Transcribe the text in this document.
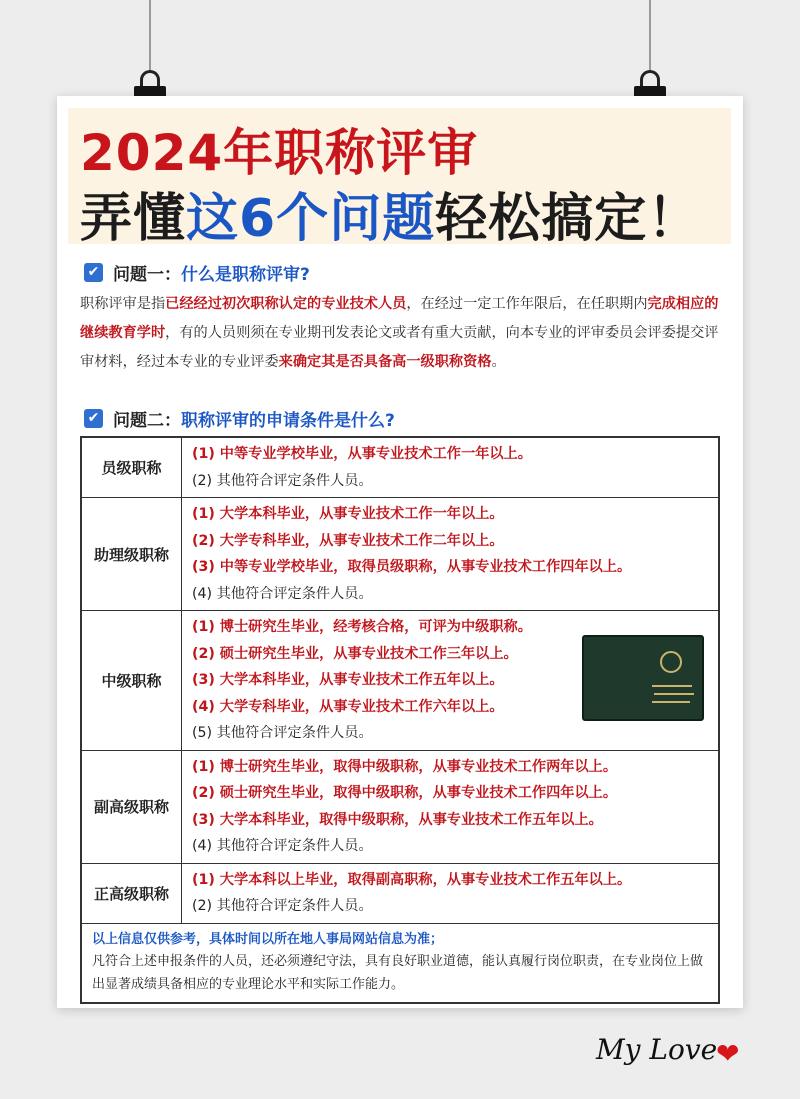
2024年职称评审
弄懂这6个问题轻松搞定！
✔ 问题一： 什么是职称评审?
职称评审是指已经经过初次职称认定的专业技术人员，在经过一定工作年限后，在任职期内完成相应的继续教育学时，有的人员则须在专业期刊发表论文或者有重大贡献，向本专业的评审委员会评委提交评审材料，经过本专业的专业评委来确定其是否具备高一级职称资格。
✔ 问题二： 职称评审的申请条件是什么?
员级职称
(1) 中等专业学校毕业，从事专业技术工作一年以上。
(2) 其他符合评定条件人员。
助理级职称
(1) 大学本科毕业，从事专业技术工作一年以上。
(2) 大学专科毕业，从事专业技术工作二年以上。
(3) 中等专业学校毕业，取得员级职称，从事专业技术工作四年以上。
(4) 其他符合评定条件人员。
中级职称
(1) 博士研究生毕业，经考核合格，可评为中级职称。
(2) 硕士研究生毕业，从事专业技术工作三年以上。
(3) 大学本科毕业，从事专业技术工作五年以上。
(4) 大学专科毕业，从事专业技术工作六年以上。
(5) 其他符合评定条件人员。
副高级职称
(1) 博士研究生毕业，取得中级职称，从事专业技术工作两年以上。
(2) 硕士研究生毕业，取得中级职称，从事专业技术工作四年以上。
(3) 大学本科毕业，取得中级职称，从事专业技术工作五年以上。
(4) 其他符合评定条件人员。
正高级职称
(1) 大学本科以上毕业，取得副高职称，从事专业技术工作五年以上。
(2) 其他符合评定条件人员。
以上信息仅供参考，具体时间以所在地人事局网站信息为准；
凡符合上述申报条件的人员，还必须遵纪守法，具有良好职业道德，能认真履行岗位职责，在专业岗位上做出显著成绩具备相应的专业理论水平和实际工作能力。
My Love
❤
